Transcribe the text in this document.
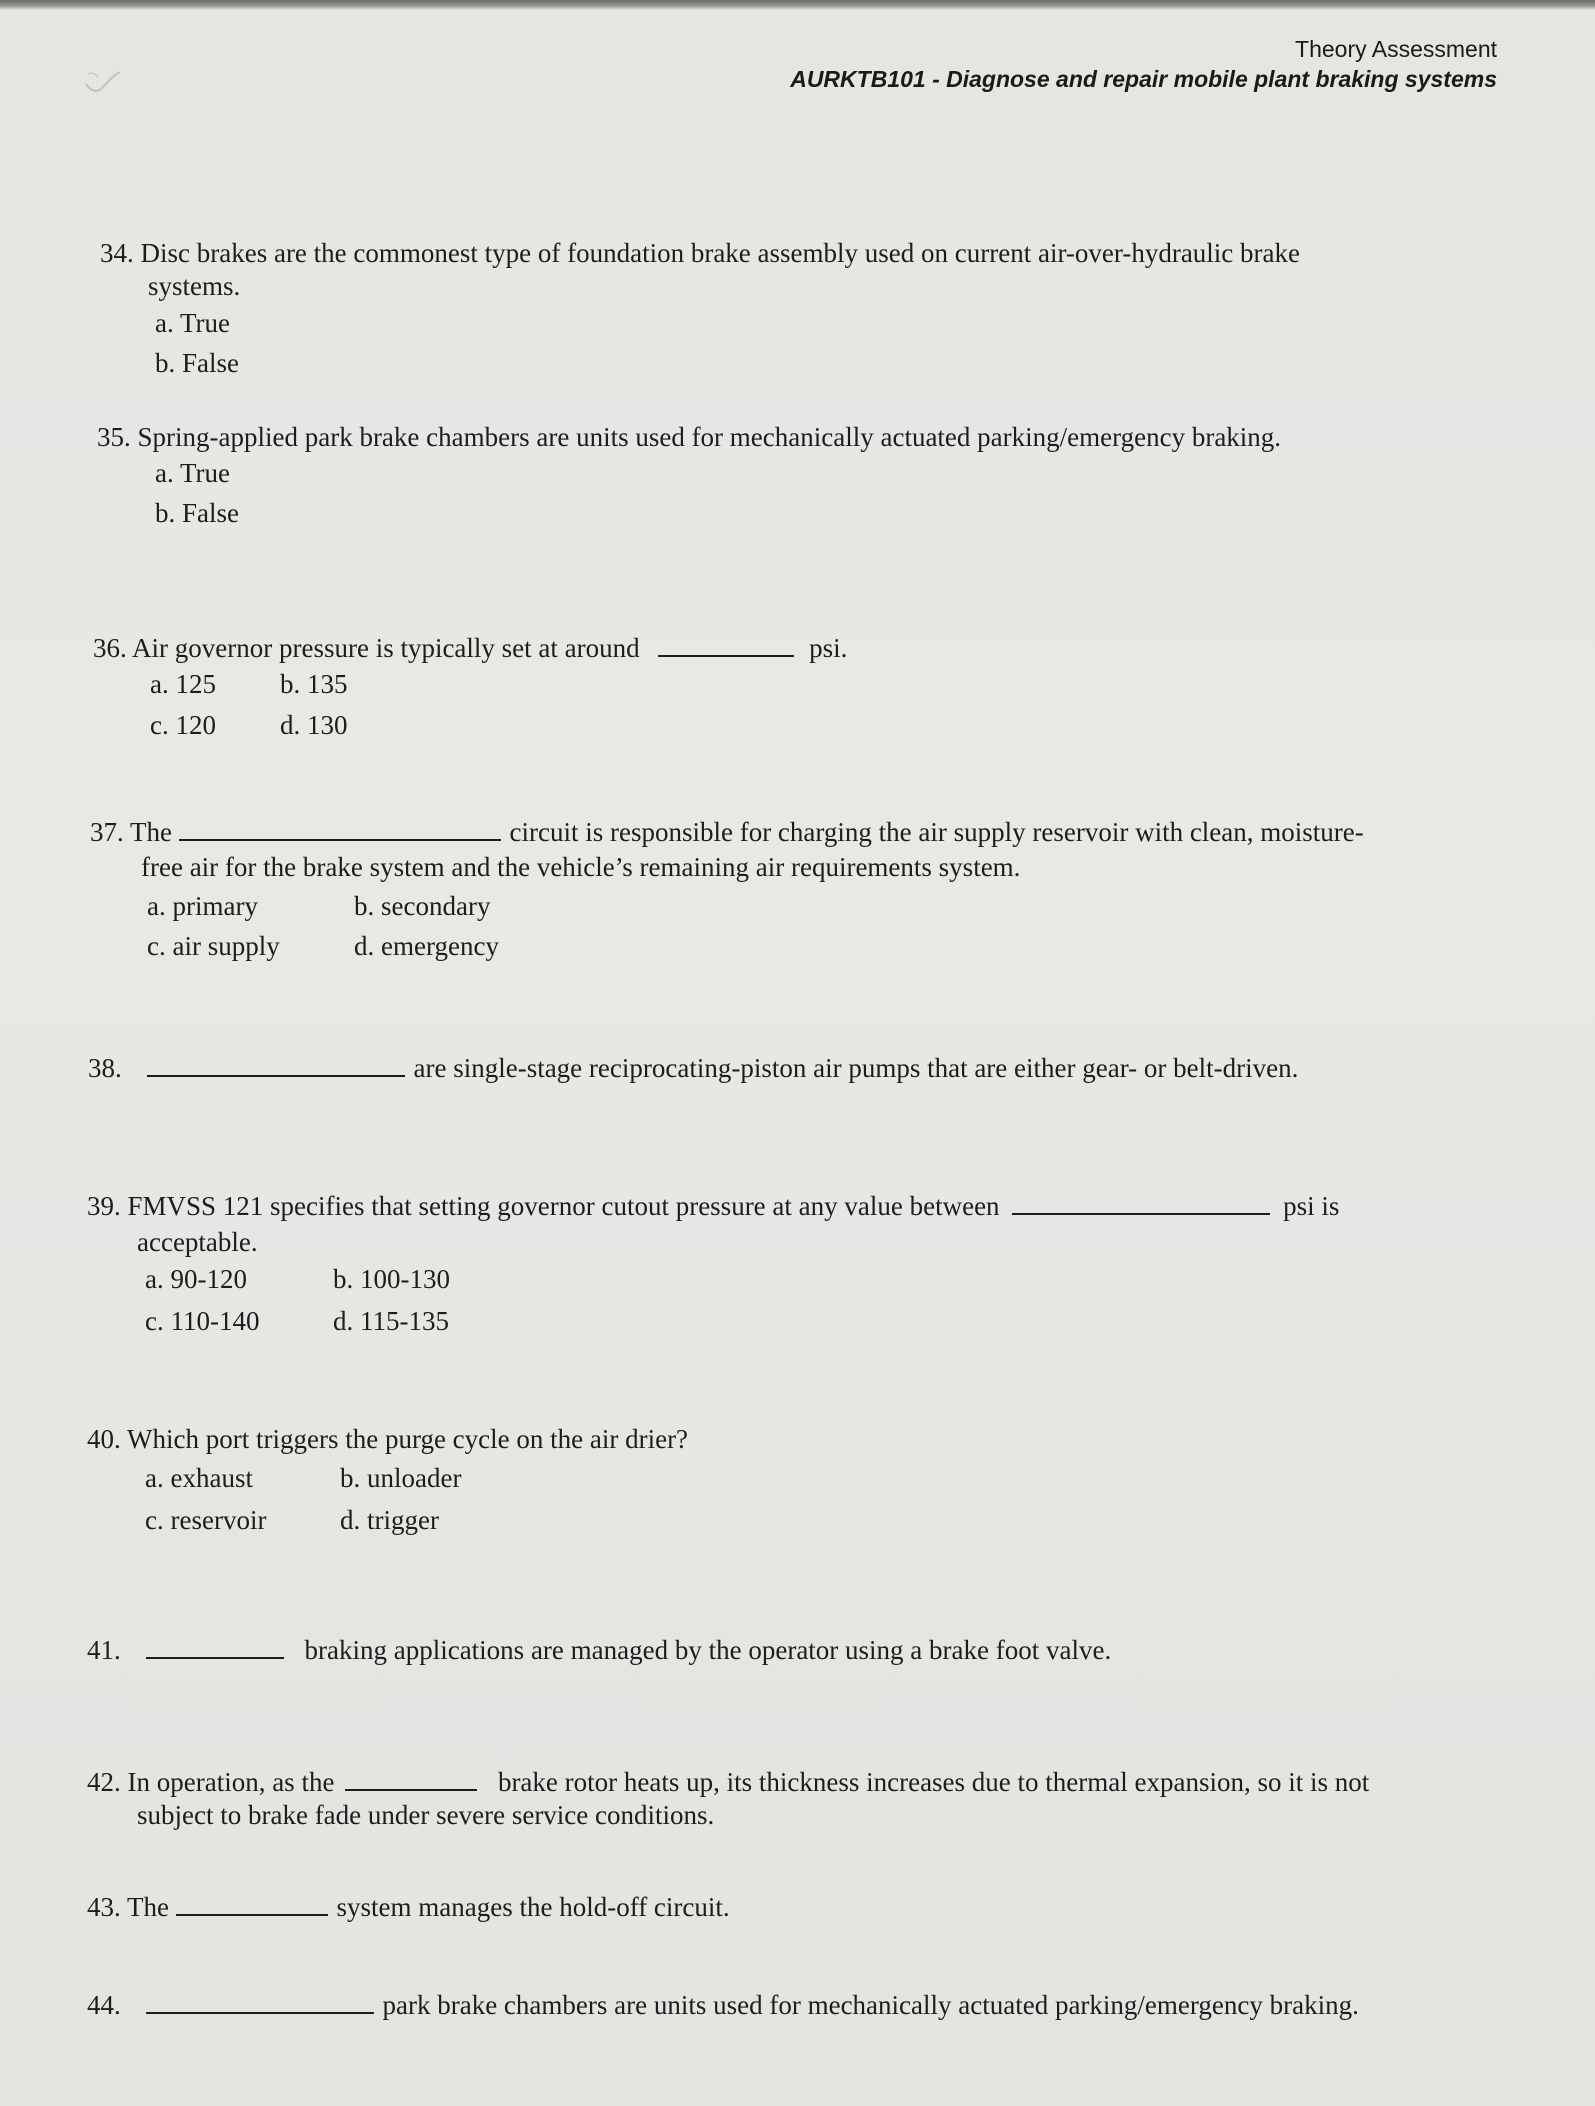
Theory Assessment
AURKTB101 - Diagnose and repair mobile plant braking systems
34. Disc brakes are the commonest type of foundation brake assembly used on current air-over-hydraulic brake
systems.
a. True
b. False
35. Spring-applied park brake chambers are units used for mechanically actuated parking/emergency braking.
a. True
b. False
36. Air governor pressure is typically set at around	psi.
a. 125 b. 135
c. 120 d. 130
37. The	circuit is responsible for charging the air supply reservoir with clean, moisture-
free air for the brake system and the vehicle’s remaining air requirements system.
a. primary	b. secondary
c. air supply	d. emergency
38.	are single-stage reciprocating-piston air pumps that are either gear- or belt-driven.
39. FMVSS 121 specifies that setting governor cutout pressure at any value between	psi is
acceptable.
a. 90-120	b. 100-130
c. 110-140	d. 115-135
40. Which port triggers the purge cycle on the air drier?
a. exhaust	b. unloader
c. reservoir	d. trigger
41.	braking applications are managed by the operator using a brake foot valve.
42. In operation, as the	brake rotor heats up, its thickness increases due to thermal expansion, so it is not
subject to brake fade under severe service conditions.
43. The	system manages the hold-off circuit.
44.	park brake chambers are units used for mechanically actuated parking/emergency braking.
